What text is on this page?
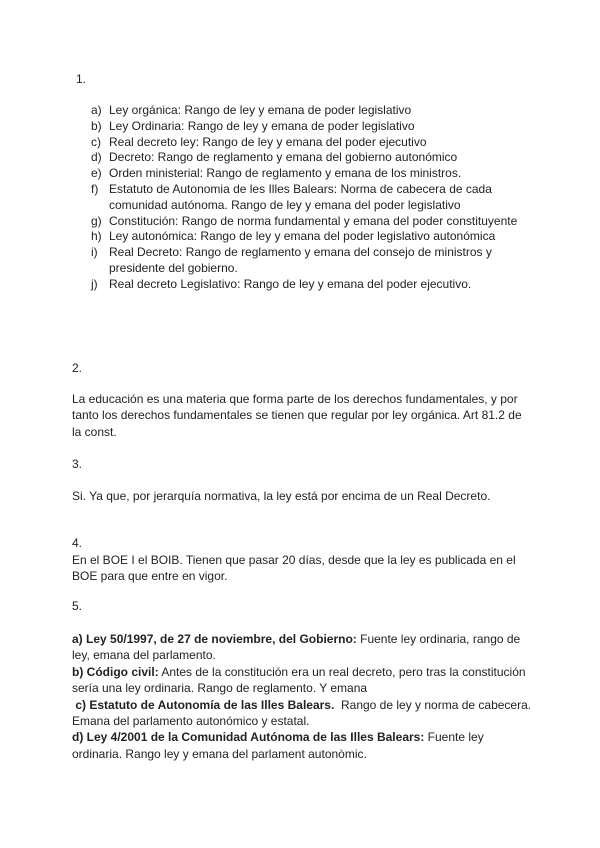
1.
a) Ley orgánica: Rango de ley y emana de poder legislativo
b) Ley Ordinaria: Rango de ley y emana de poder legislativo
c) Real decreto ley: Rango de ley y emana del poder ejecutivo
d) Decreto: Rango de reglamento y emana del gobierno autonómico
e) Orden ministerial: Rango de reglamento y emana de los ministros.
f) Estatuto de Autonomia de les Illes Balears: Norma de cabecera de cada comunidad autónoma. Rango de ley y emana del poder legislativo
g) Constitución: Rango de norma fundamental y emana del poder constituyente
h) Ley autonómica: Rango de ley y emana del poder legislativo autonómica
i) Real Decreto: Rango de reglamento y emana del consejo de ministros y presidente del gobierno.
j) Real decreto Legislativo: Rango de ley y emana del poder ejecutivo.
2.
La educación es una materia que forma parte de los derechos fundamentales, y por tanto los derechos fundamentales se tienen que regular por ley orgánica. Art 81.2 de la const.
3.
Si. Ya que, por jerarquía normativa, la ley está por encima de un Real Decreto.
4.
En el BOE I el BOIB. Tienen que pasar 20 días, desde que la ley es publicada en el BOE para que entre en vigor.
5.
a) Ley 50/1997, de 27 de noviembre, del Gobierno: Fuente ley ordinaria, rango de ley, emana del parlamento.
b) Código civil: Antes de la constitución era un real decreto, pero tras la constitución sería una ley ordinaria. Rango de reglamento. Y emana
c) Estatuto de Autonomía de las Illes Balears.  Rango de ley y norma de cabecera. Emana del parlamento autonómico y estatal.
d) Ley 4/2001 de la Comunidad Autónoma de las Illes Balears: Fuente ley ordinaria. Rango ley y emana del parlament autonòmic.
